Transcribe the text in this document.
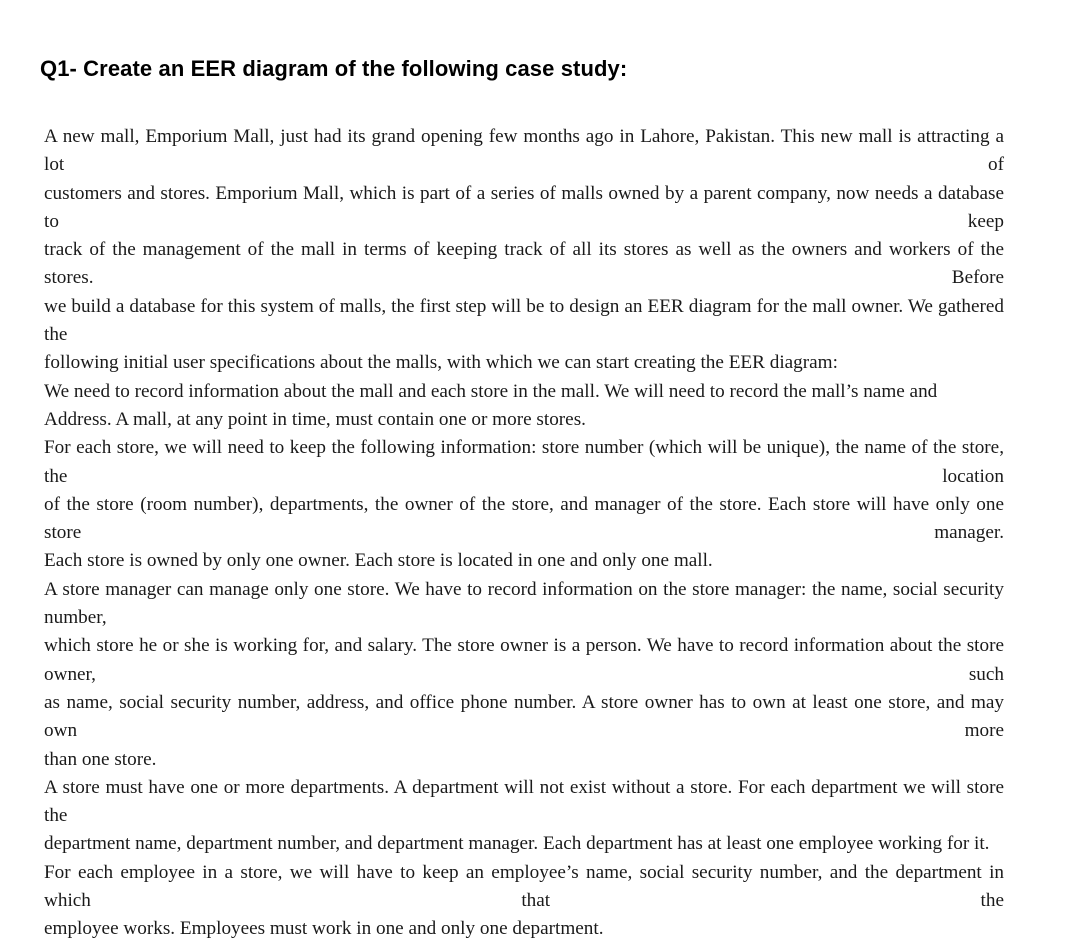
Q1- Create an EER diagram of the following case study:
A new mall, Emporium Mall, just had its grand opening few months ago in Lahore, Pakistan. This new mall is attracting a lot of
customers and stores. Emporium Mall, which is part of a series of malls owned by a parent company, now needs a database to keep
track of the management of the mall in terms of keeping track of all its stores as well as the owners and workers of the stores. Before
we build a database for this system of malls, the first step will be to design an EER diagram for the mall owner. We gathered the
following initial user specifications about the malls, with which we can start creating the EER diagram:
We need to record information about the mall and each store in the mall. We will need to record the mall’s name and
Address. A mall, at any point in time, must contain one or more stores.
For each store, we will need to keep the following information: store number (which will be unique), the name of the store, the location
of the store (room number), departments, the owner of the store, and manager of the store. Each store will have only one store manager.
Each store is owned by only one owner. Each store is located in one and only one mall.
A store manager can manage only one store. We have to record information on the store manager: the name, social security number,
which store he or she is working for, and salary. The store owner is a person. We have to record information about the store owner, such
as name, social security number, address, and office phone number. A store owner has to own at least one store, and may own more
than one store.
A store must have one or more departments. A department will not exist without a store. For each department we will store the
department name, department number, and department manager. Each department has at least one employee working for it.
For each employee in a store, we will have to keep an employee’s name, social security number, and the department in which that the
employee works. Employees must work in one and only one department.
